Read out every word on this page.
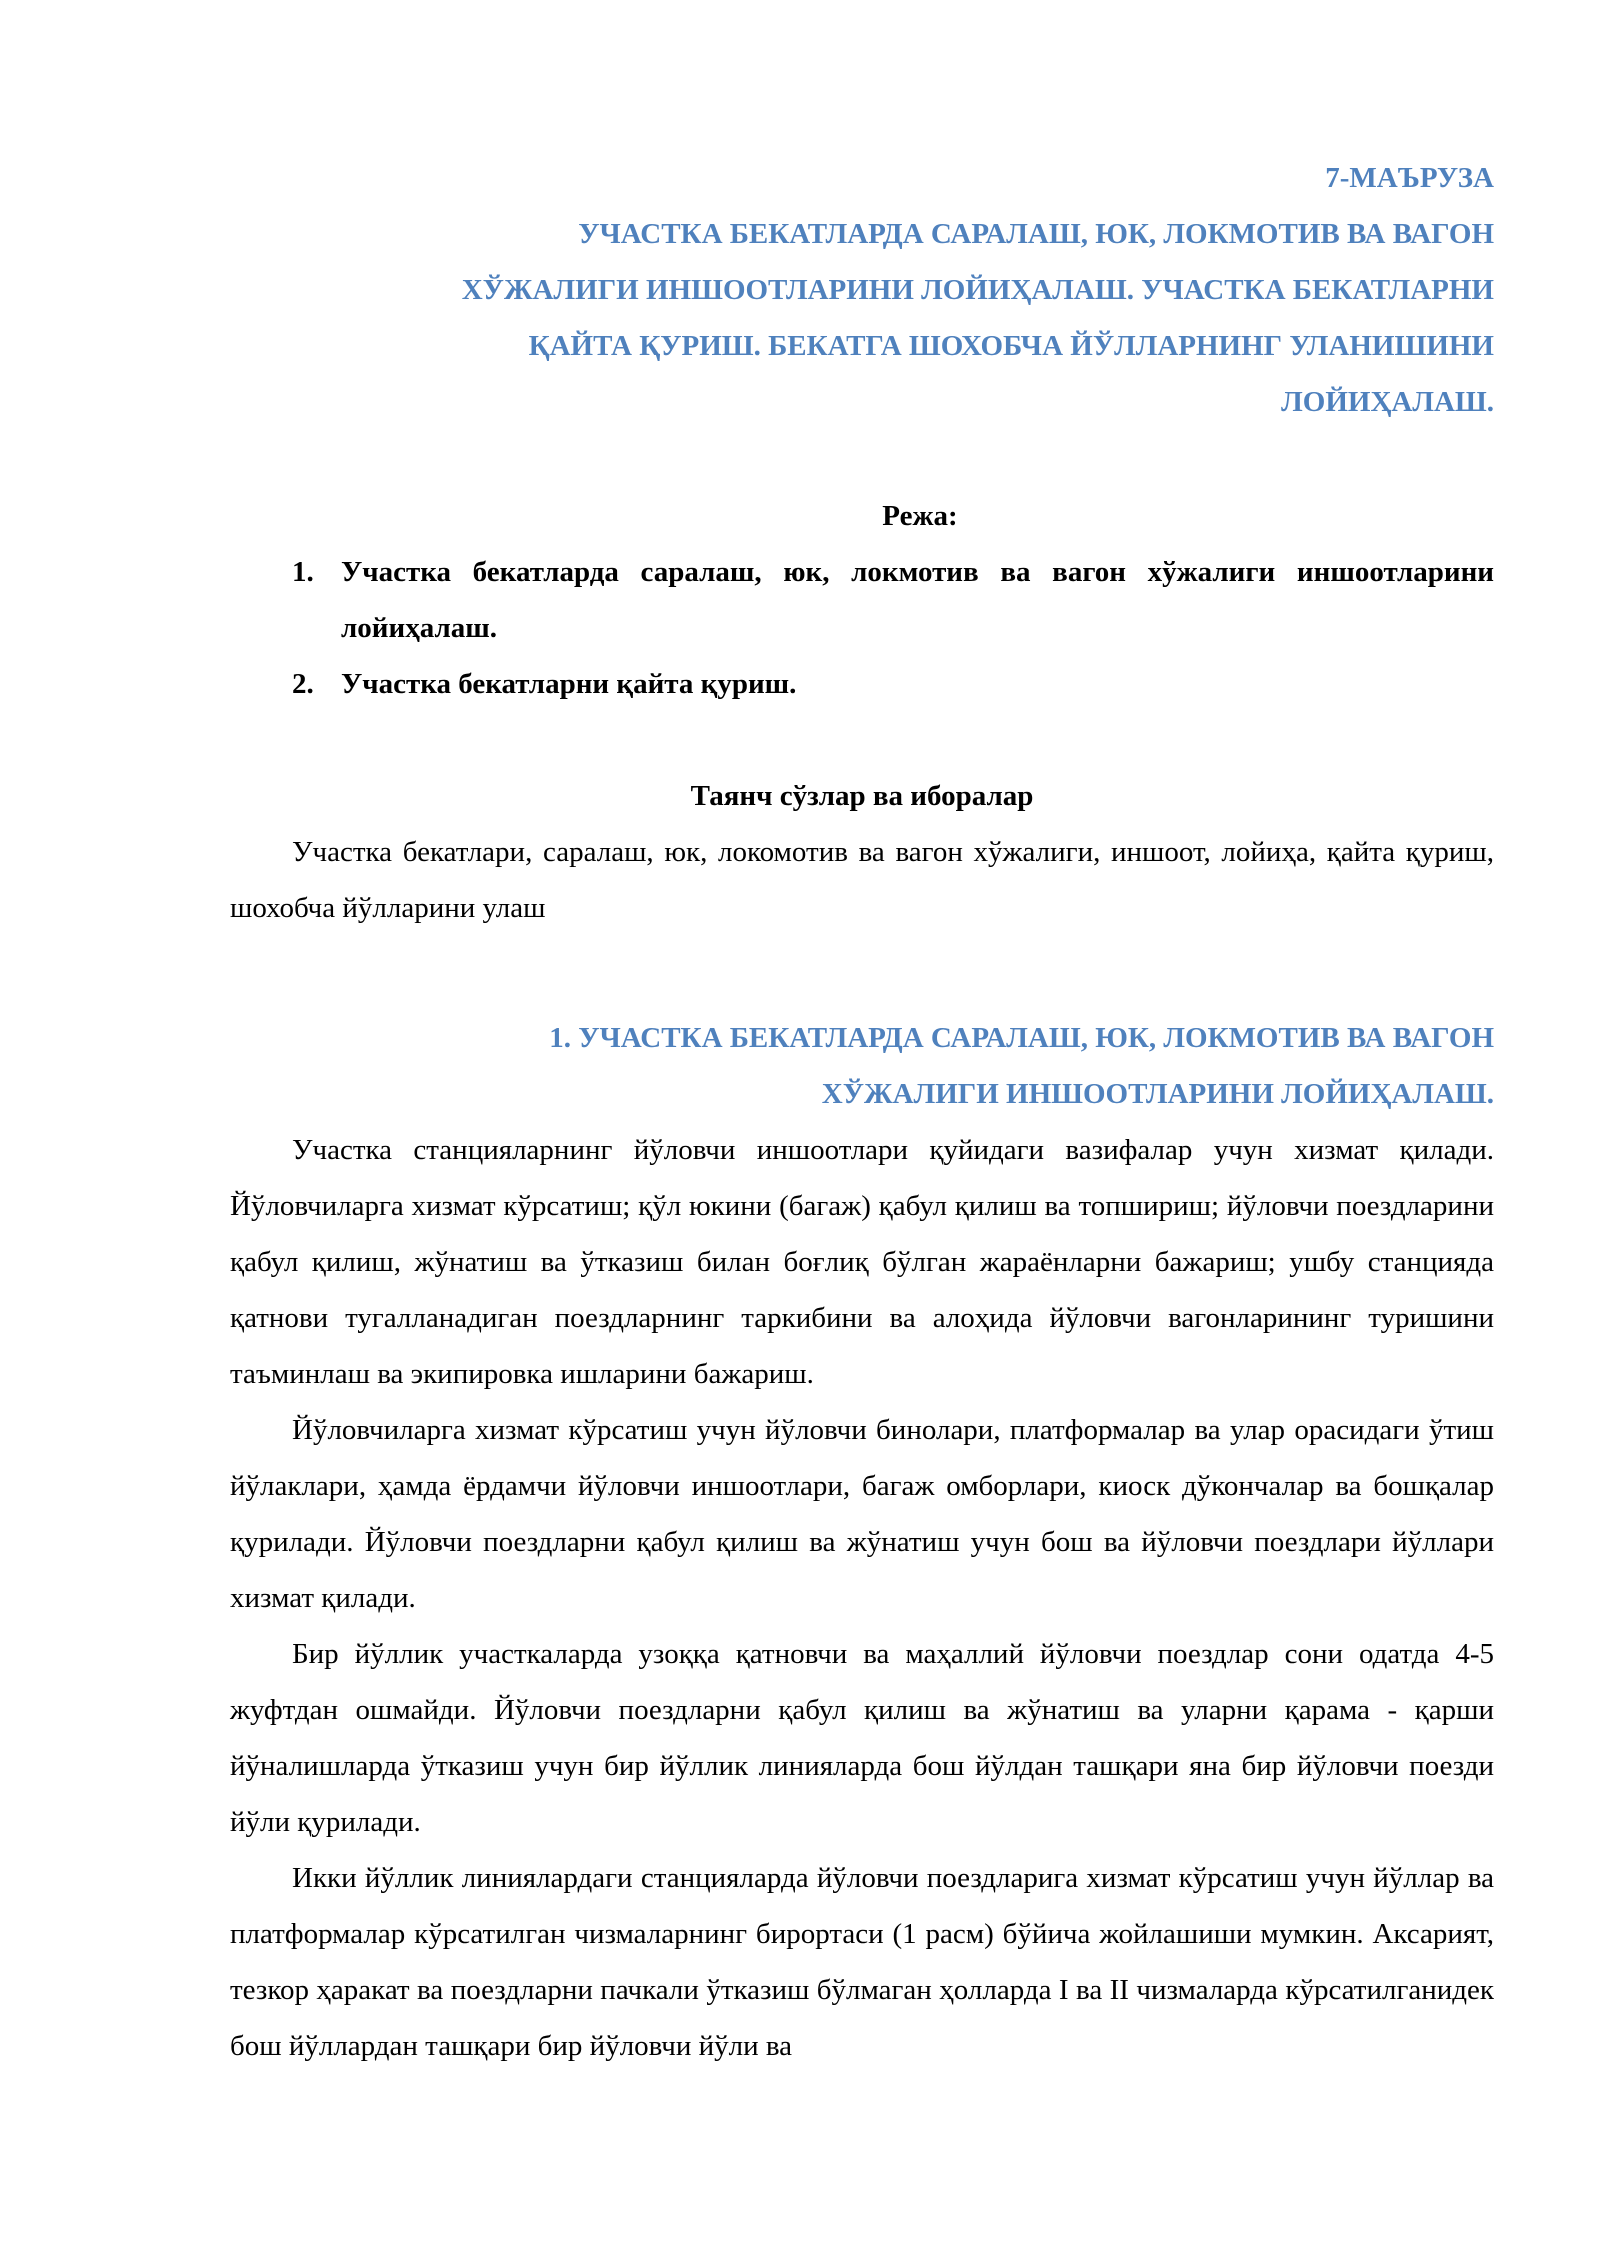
7-МАЪРУЗА

УЧАСТКА БЕКАТЛАРДА САРАЛАШ, ЮК, ЛОКМОТИВ ВА ВАГОН

ХЎЖАЛИГИ ИНШООТЛАРИНИ ЛОЙИҲАЛАШ. УЧАСТКА БЕКАТЛАРНИ

ҚАЙТА ҚУРИШ. БЕКАТГА ШОХОБЧА ЙЎЛЛАРНИНГ УЛАНИШИНИ

ЛОЙИҲАЛАШ.

Режа:

1. Участка бекатларда саралаш, юк, локмотив ва вагон хўжалиги иншоотларини лойиҳалаш.
2. Участка бекатларни қайта қуриш.

Таянч сўзлар ва иборалар

Участка бекатлари, саралаш, юк, локомотив ва вагон хўжалиги, иншоот, лойиҳа, қайта қуриш, шохобча йўлларини улаш

1. УЧАСТКА БЕКАТЛАРДА САРАЛАШ, ЮК, ЛОКМОТИВ ВА ВАГОН

ХЎЖАЛИГИ ИНШООТЛАРИНИ ЛОЙИҲАЛАШ.

Участка станцияларнинг йўловчи иншоотлари қуйидаги вазифалар учун хизмат қилади. Йўловчиларга хизмат кўрсатиш; қўл юкини (багаж) қабул қилиш ва топшириш; йўловчи поездларини қабул қилиш, жўнатиш ва ўтказиш билан боғлиқ бўлган жараёнларни бажариш; ушбу станцияда қатнови тугалланадиган поездларнинг таркибини ва алоҳида йўловчи вагонларининг туришини таъминлаш ва экипировка ишларини бажариш.

Йўловчиларга хизмат кўрсатиш учун йўловчи бинолари, платформалар ва улар орасидаги ўтиш йўлаклари, ҳамда ёрдамчи йўловчи иншоотлари, багаж омборлари, киоск дўкончалар ва бошқалар қурилади. Йўловчи поездларни қабул қилиш ва жўнатиш учун бош ва йўловчи поездлари йўллари хизмат қилади.

Бир йўллик участкаларда узоққа қатновчи ва маҳаллий йўловчи поездлар сони одатда 4-5 жуфтдан ошмайди. Йўловчи поездларни қабул қилиш ва жўнатиш ва уларни қарама - қарши йўналишларда ўтказиш учун бир йўллик линияларда бош йўлдан ташқари яна бир йўловчи поезди йўли қурилади.

Икки йўллик линиялардаги станцияларда йўловчи поездларига хизмат кўрсатиш учун йўллар ва платформалар кўрсатилган чизмаларнинг бирортаси (1 расм) бўйича жойлашиши мумкин. Аксарият, тезкор ҳаракат ва поездларни пачкали ўтказиш бўлмаган ҳолларда I ва II чизмаларда кўрсатилганидек бош йўллардан ташқари бир йўловчи йўли ва
